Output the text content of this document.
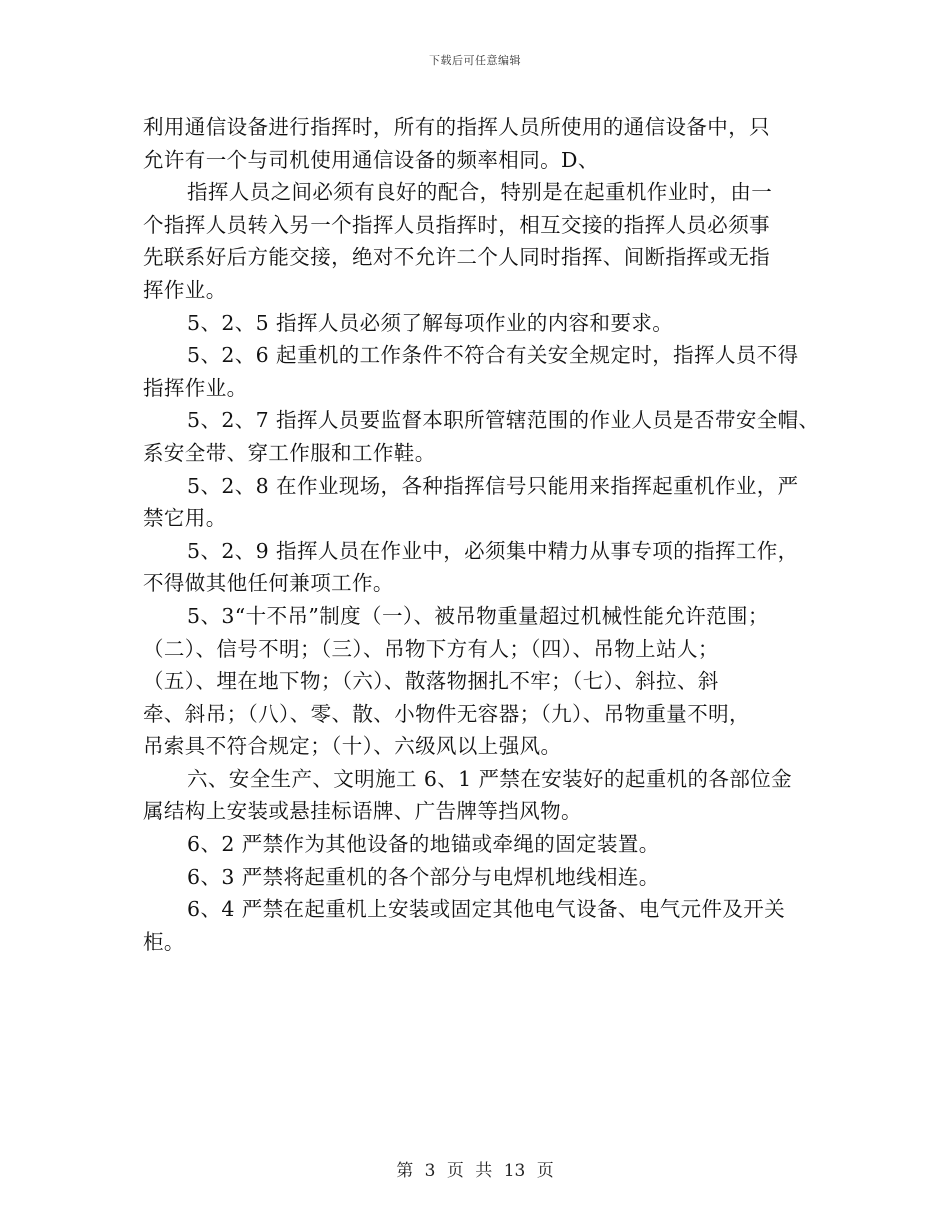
下载后可任意编辑
利用通信设备进行指挥时，所有的指挥人员所使用的通信设备中，只
允许有一个与司机使用通信设备的频率相同。D、
指挥人员之间必须有良好的配合，特别是在起重机作业时，由一
个指挥人员转入另一个指挥人员指挥时，相互交接的指挥人员必须事
先联系好后方能交接，绝对不允许二个人同时指挥、间断指挥或无指
挥作业。
5、2、5 指挥人员必须了解每项作业的内容和要求。
5、2、6 起重机的工作条件不符合有关安全规定时，指挥人员不得
指挥作业。
5、2、7 指挥人员要监督本职所管辖范围的作业人员是否带安全帽、
系安全带、穿工作服和工作鞋。
5、2、8 在作业现场，各种指挥信号只能用来指挥起重机作业，严
禁它用。
5、2、9 指挥人员在作业中，必须集中精力从事专项的指挥工作，
不得做其他任何兼项工作。
5、3“十不吊”制度（一）、被吊物重量超过机械性能允许范围；
（二）、信号不明；（三）、吊物下方有人；（四）、吊物上站人；
（五）、埋在地下物；（六）、散落物捆扎不牢；（七）、斜拉、斜
牵、斜吊；（八）、零、散、小物件无容器；（九）、吊物重量不明，
吊索具不符合规定；（十）、六级风以上强风。
六、安全生产、文明施工 6、1 严禁在安装好的起重机的各部位金
属结构上安装或悬挂标语牌、广告牌等挡风物。
6、2 严禁作为其他设备的地锚或牵绳的固定装置。
6、3 严禁将起重机的各个部分与电焊机地线相连。
6、4 严禁在起重机上安装或固定其他电气设备、电气元件及开关
柜。
第 3 页 共 13 页
